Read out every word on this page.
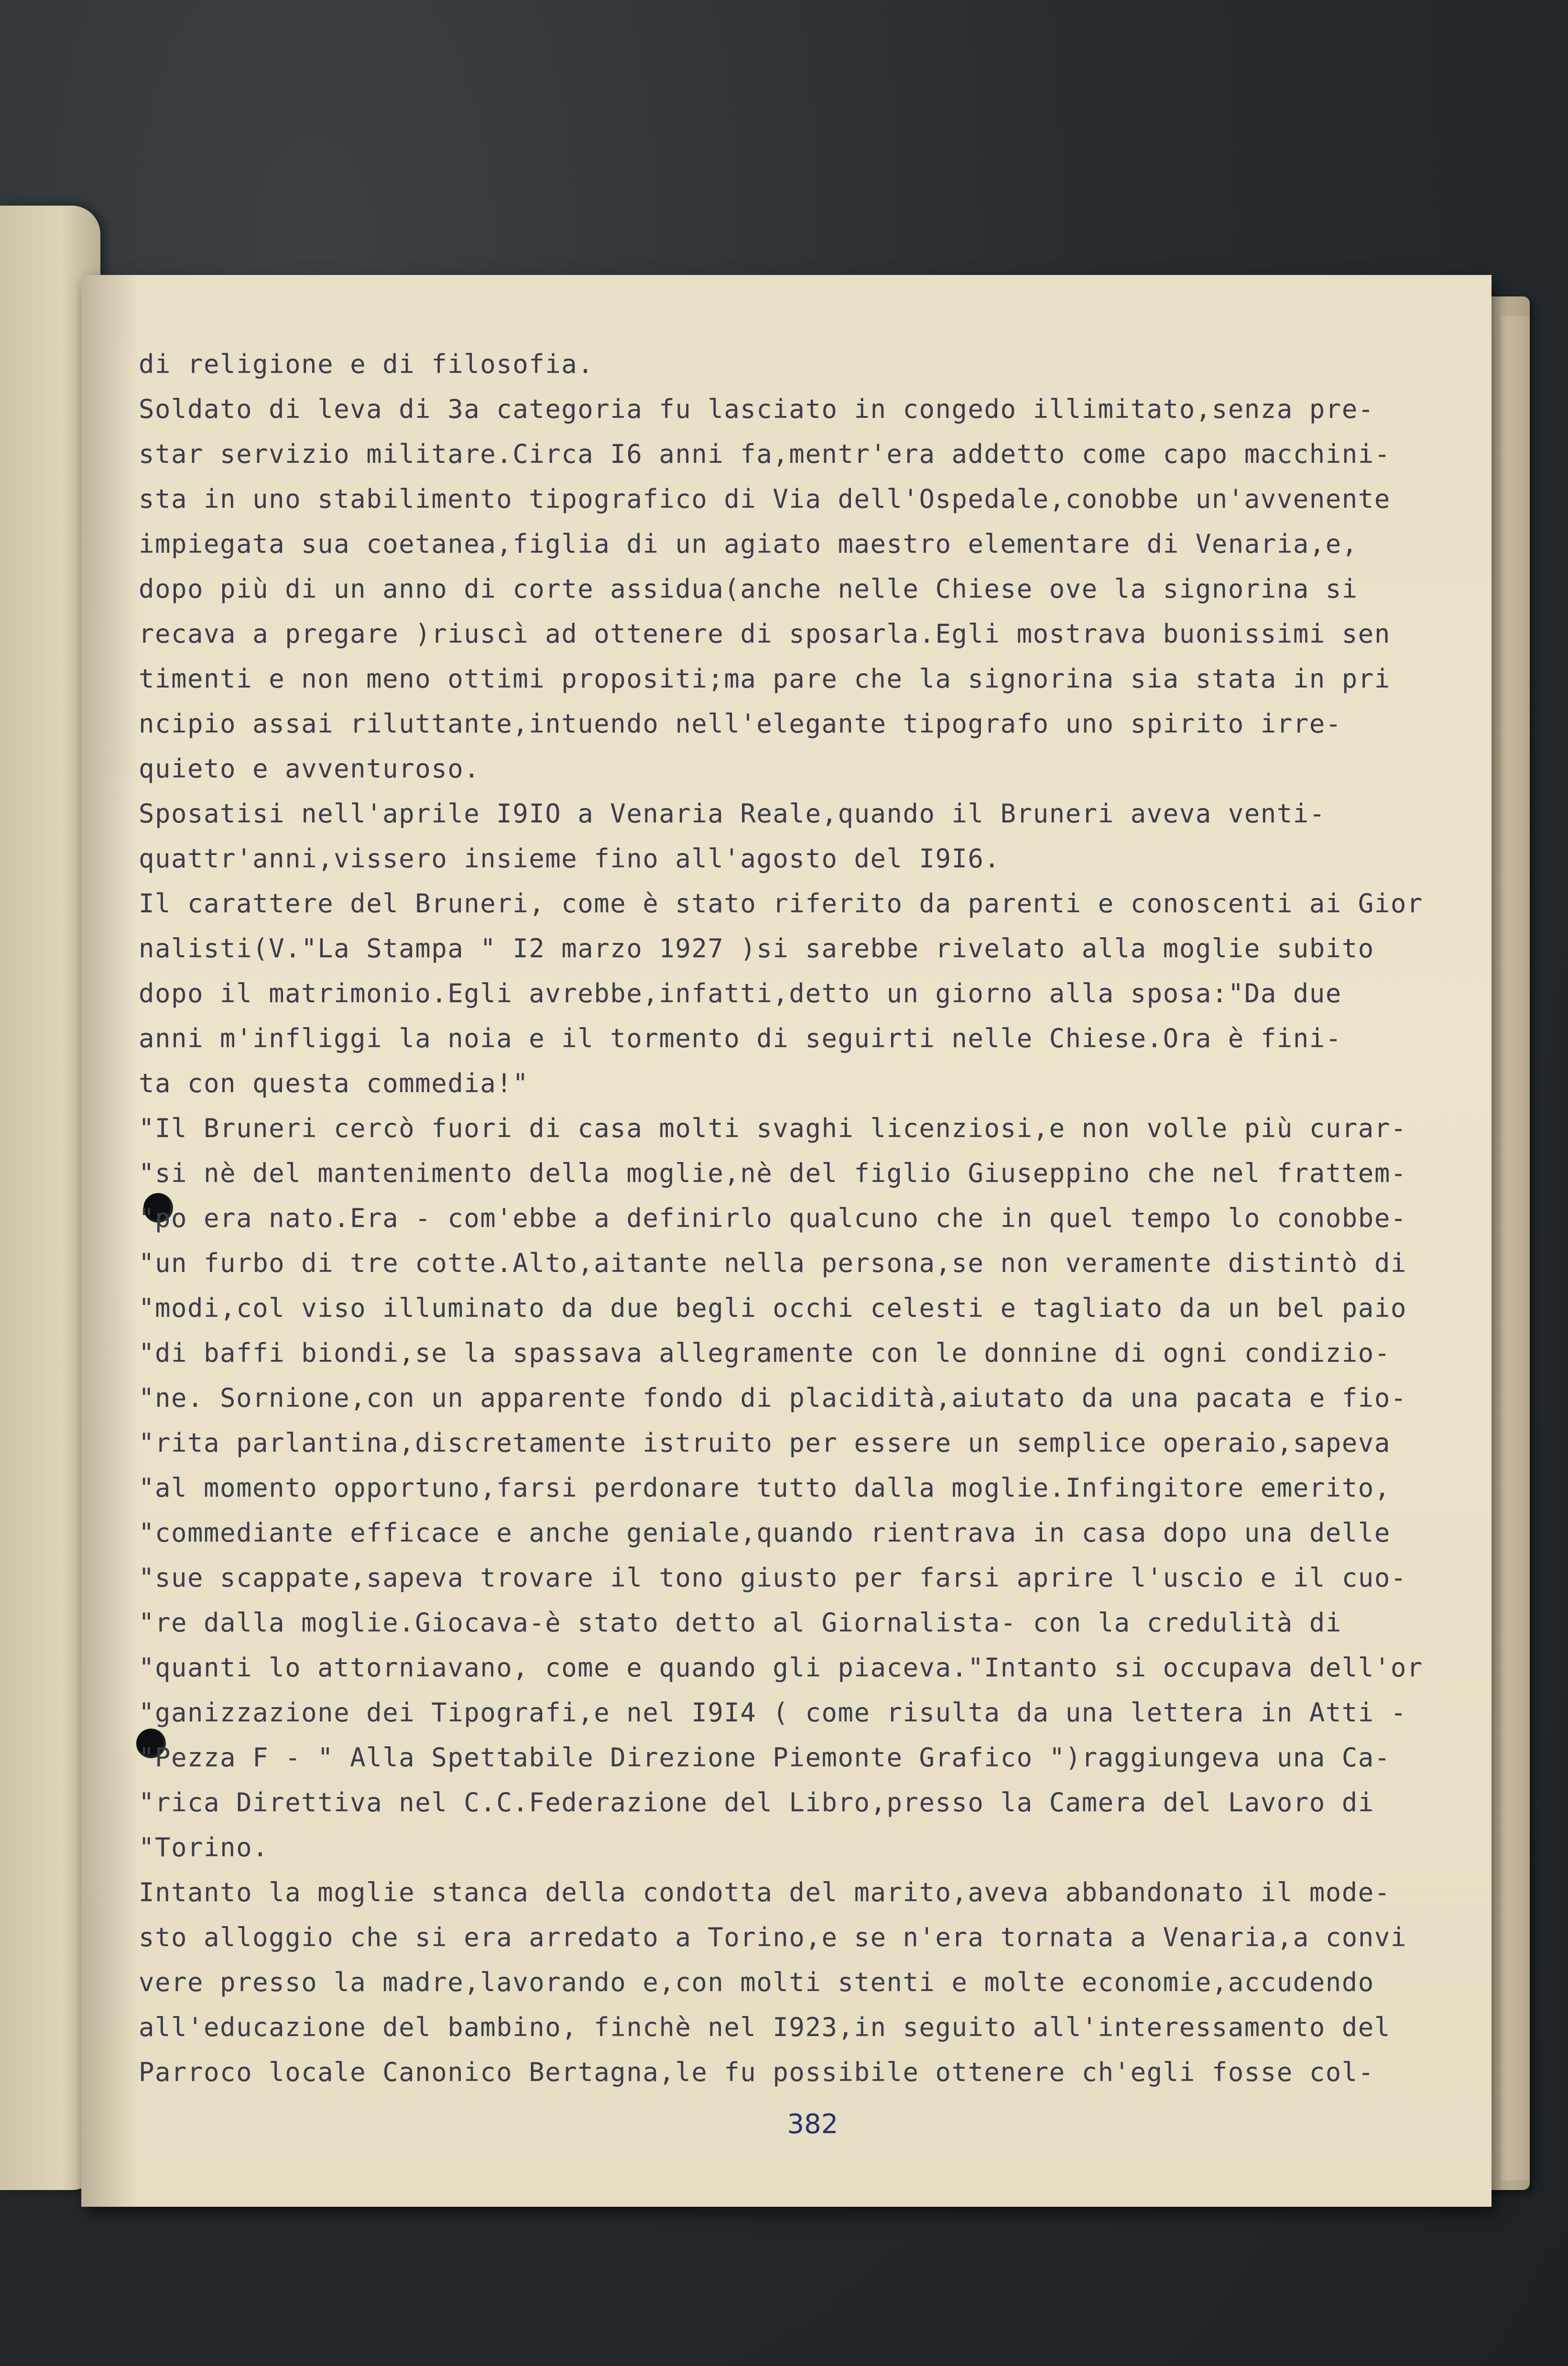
di religione e di filosofia.

Soldato di leva di 3a categoria fu lasciato in congedo illimitato,senza pre-

star servizio militare.Circa I6 anni fa,mentr'era addetto come capo macchini-

sta in uno stabilimento tipografico di Via dell'Ospedale,conobbe un'avvenente

impiegata sua coetanea,figlia di un agiato maestro elementare di Venaria,e,

dopo più di un anno di corte assidua(anche nelle Chiese ove la signorina si

recava a pregare )riuscì ad ottenere di sposarla.Egli mostrava buonissimi sen

timenti e non meno ottimi propositi;ma pare che la signorina sia stata in pri

ncipio assai riluttante,intuendo nell'elegante tipografo uno spirito irre-

quieto e avventuroso.

Sposatisi nell'aprile I9IO a Venaria Reale,quando il Bruneri aveva venti-

quattr'anni,vissero insieme fino all'agosto del I9I6.

Il carattere del Bruneri, come è stato riferito da parenti e conoscenti ai Gior

nalisti(V."La Stampa " I2 marzo 1927 )si sarebbe rivelato alla moglie subito

dopo il matrimonio.Egli avrebbe,infatti,detto un giorno alla sposa:"Da due

anni m'infliggi la noia e il tormento di seguirti nelle Chiese.Ora è fini-

ta con questa commedia!"

"Il Bruneri cercò fuori di casa molti svaghi licenziosi,e non volle più curar-

"si nè del mantenimento della moglie,nè del figlio Giuseppino che nel frattem-

"po era nato.Era - com'ebbe a definirlo qualcuno che in quel tempo lo conobbe-

"un furbo di tre cotte.Alto,aitante nella persona,se non veramente distintò di

"modi,col viso illuminato da due begli occhi celesti e tagliato da un bel paio

"di baffi biondi,se la spassava allegramente con le donnine di ogni condizio-

"ne. Sornione,con un apparente fondo di placidità,aiutato da una pacata e fio-

"rita parlantina,discretamente istruito per essere un semplice operaio,sapeva

"al momento opportuno,farsi perdonare tutto dalla moglie.Infingitore emerito,

"commediante efficace e anche geniale,quando rientrava in casa dopo una delle

"sue scappate,sapeva trovare il tono giusto per farsi aprire l'uscio e il cuo-

"re dalla moglie.Giocava-è stato detto al Giornalista- con la credulità di

"quanti lo attorniavano, come e quando gli piaceva."Intanto si occupava dell'or

"ganizzazione dei Tipografi,e nel I9I4 ( come risulta da una lettera in Atti -

"Pezza F - " Alla Spettabile Direzione Piemonte Grafico ")raggiungeva una Ca-

"rica Direttiva nel C.C.Federazione del Libro,presso la Camera del Lavoro di

"Torino.

Intanto la moglie stanca della condotta del marito,aveva abbandonato il mode-

sto alloggio che si era arredato a Torino,e se n'era tornata a Venaria,a convi

vere presso la madre,lavorando e,con molti stenti e molte economie,accudendo

all'educazione del bambino, finchè nel I923,in seguito all'interessamento del

Parroco locale Canonico Bertagna,le fu possibile ottenere ch'egli fosse col-

382
